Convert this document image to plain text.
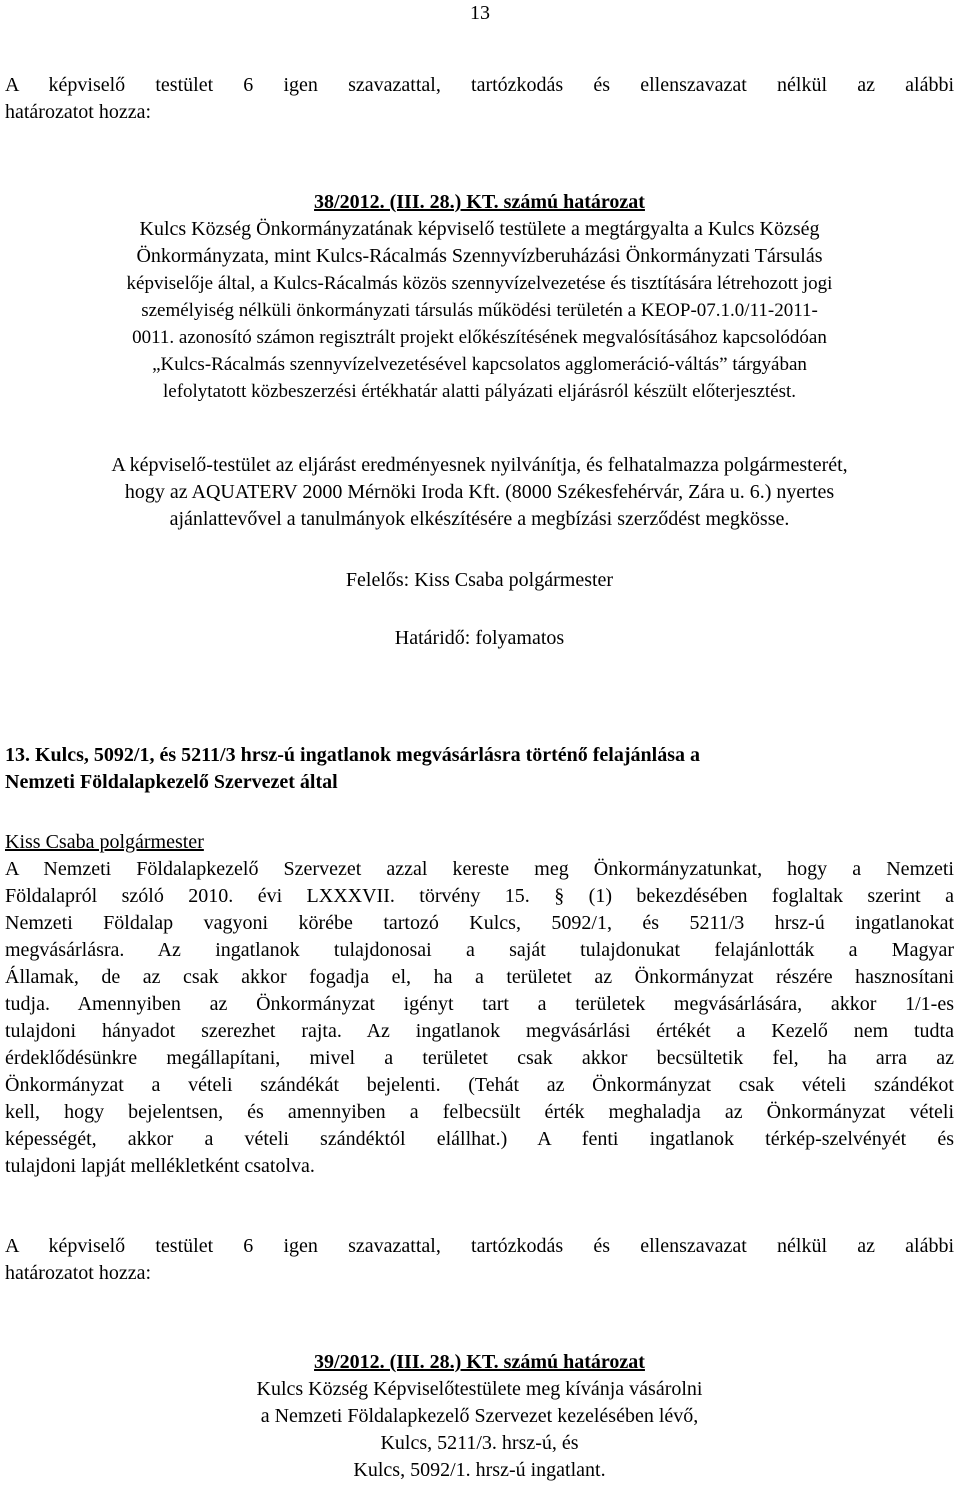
13
A képviselő testület 6 igen szavazattal, tartózkodás és ellenszavazat nélkül az alábbi
határozatot hozza:
38/2012. (III. 28.) KT. számú határozat
Kulcs Község Önkormányzatának képviselő testülete a megtárgyalta a Kulcs Község
Önkormányzata, mint Kulcs-Rácalmás Szennyvízberuházási Önkormányzati Társulás
képviselője által, a Kulcs-Rácalmás közös szennyvízelvezetése és tisztítására létrehozott jogi
személyiség nélküli önkormányzati társulás működési területén a KEOP-07.1.0/11-2011-
0011. azonosító számon regisztrált projekt előkészítésének megvalósításához kapcsolódóan
„Kulcs-Rácalmás szennyvízelvezetésével kapcsolatos agglomeráció-váltás” tárgyában
lefolytatott közbeszerzési értékhatár alatti pályázati eljárásról készült előterjesztést.
A képviselő-testület az eljárást eredményesnek nyilvánítja, és felhatalmazza polgármesterét,
hogy az AQUATERV 2000 Mérnöki Iroda Kft. (8000 Székesfehérvár, Zára u. 6.) nyertes
ajánlattevővel a tanulmányok elkészítésére a megbízási szerződést megkösse.
Felelős: Kiss Csaba polgármester
Határidő: folyamatos
13. Kulcs, 5092/1, és 5211/3 hrsz-ú ingatlanok megvásárlásra történő felajánlása a
Nemzeti Földalapkezelő Szervezet által
Kiss Csaba polgármester
A Nemzeti Földalapkezelő Szervezet azzal kereste meg Önkormányzatunkat, hogy a Nemzeti
Földalapról szóló 2010. évi LXXXVII. törvény 15. § (1) bekezdésében foglaltak szerint a
Nemzeti Földalap vagyoni körébe tartozó Kulcs, 5092/1, és 5211/3 hrsz-ú ingatlanokat
megvásárlásra. Az ingatlanok tulajdonosai a saját tulajdonukat felajánlották a Magyar
Államak, de az csak akkor fogadja el, ha a területet az Önkormányzat részére hasznosítani
tudja. Amennyiben az Önkormányzat igényt tart a területek megvásárlására, akkor 1/1-es
tulajdoni hányadot szerezhet rajta. Az ingatlanok megvásárlási értékét a Kezelő nem tudta
érdeklődésünkre megállapítani, mivel a területet csak akkor becsültetik fel, ha arra az
Önkormányzat a vételi szándékát bejelenti. (Tehát az Önkormányzat csak vételi szándékot
kell, hogy bejelentsen, és amennyiben a felbecsült érték meghaladja az Önkormányzat vételi
képességét, akkor a vételi szándéktól elállhat.) A fenti ingatlanok térkép-szelvényét és
tulajdoni lapját mellékletként csatolva.
A képviselő testület 6 igen szavazattal, tartózkodás és ellenszavazat nélkül az alábbi
határozatot hozza:
39/2012. (III. 28.) KT. számú határozat
Kulcs Község Képviselőtestülete meg kívánja vásárolni
a Nemzeti Földalapkezelő Szervezet kezelésében lévő,
Kulcs, 5211/3. hrsz-ú, és
Kulcs, 5092/1. hrsz-ú ingatlant.
